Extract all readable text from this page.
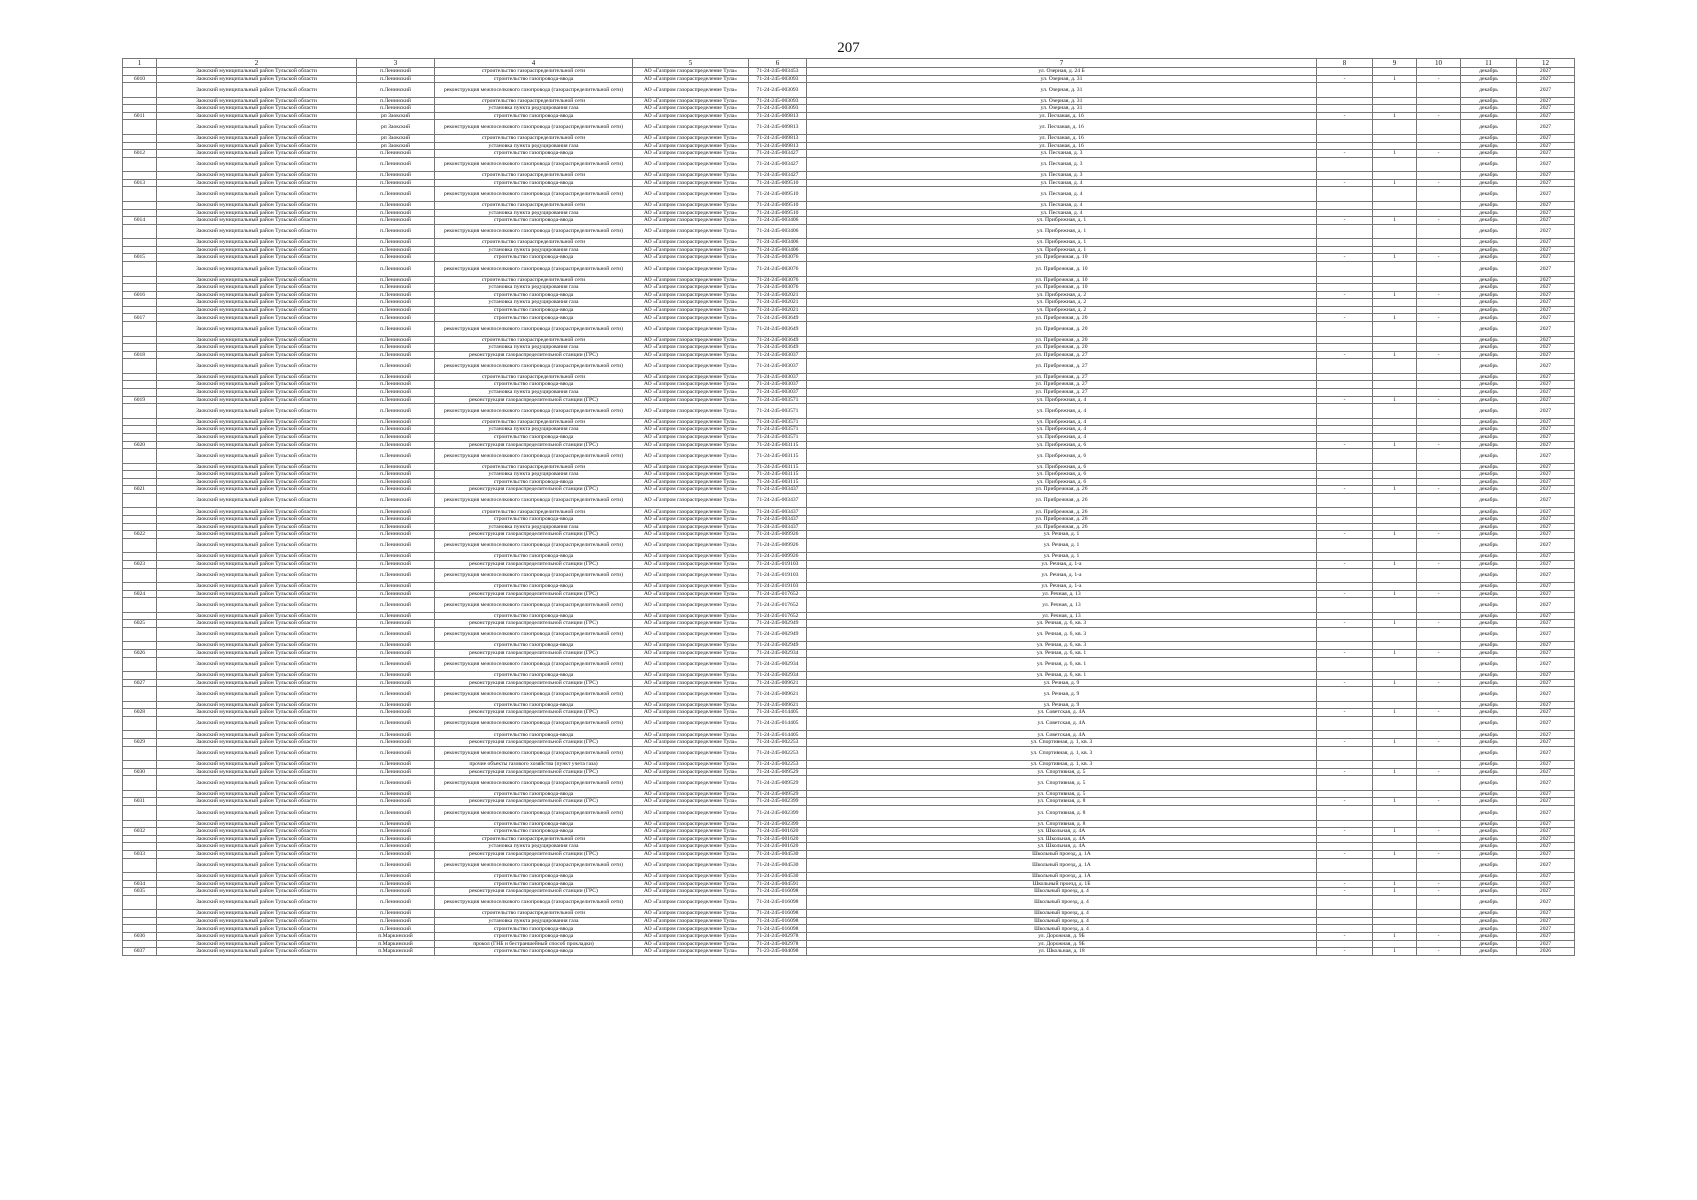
207
1	2	3	4	5	6	7	8	9	10	11	12
	Заокский муниципальный район Тульской области	п.Ленинский	строительство газораспределительной сети	АО «Газпром газораспределение Тула»	71-24-245-003453	ул. Озерная, д. 24 Б				декабрь	2027
6010	Заокский муниципальный район Тульской области	п.Ленинский	строительство газопровода-ввода	АО «Газпром газораспределение Тула»	71-24-245-003093	ул. Озерная, д. 31	-	1	-	декабрь	2027
	Заокский муниципальный район Тульской области	п.Ленинский	реконструкция межпоселкового газопровода (газораспределительной сети)	АО «Газпром газораспределение Тула»	71-24-245-003093	ул. Озерная, д. 31				декабрь	2027
	Заокский муниципальный район Тульской области	п.Ленинский	строительство газораспределительной сети	АО «Газпром газораспределение Тула»	71-24-245-003093	ул. Озерная, д. 31				декабрь	2027
	Заокский муниципальный район Тульской области	п.Ленинский	установка пункта редуцирования газа	АО «Газпром газораспределение Тула»	71-24-245-003093	ул. Озерная, д. 31				декабрь	2027
6011	Заокский муниципальный район Тульской области	рп Заокский	строительство газопровода-ввода	АО «Газпром газораспределение Тула»	71-24-245-009813	ул. Песчаная, д. 16	-	1	-	декабрь	2027
	Заокский муниципальный район Тульской области	рп Заокский	реконструкция межпоселкового газопровода (газораспределительной сети)	АО «Газпром газораспределение Тула»	71-24-245-009813	ул. Песчаная, д. 16				декабрь	2027
	Заокский муниципальный район Тульской области	рп Заокский	строительство газораспределительной сети	АО «Газпром газораспределение Тула»	71-24-245-009813	ул. Песчаная, д. 16				декабрь	2027
	Заокский муниципальный район Тульской области	рп Заокский	установка пункта редуцирования газа	АО «Газпром газораспределение Тула»	71-24-245-009813	ул. Песчаная, д. 16				декабрь	2027
6012	Заокский муниципальный район Тульской области	п.Ленинский	строительство газопровода-ввода	АО «Газпром газораспределение Тула»	71-24-245-003427	ул. Песчаная, д. 3	-	1	-	декабрь	2027
	Заокский муниципальный район Тульской области	п.Ленинский	реконструкция межпоселкового газопровода (газораспределительной сети)	АО «Газпром газораспределение Тула»	71-24-245-003427	ул. Песчаная, д. 3				декабрь	2027
	Заокский муниципальный район Тульской области	п.Ленинский	строительство газораспределительной сети	АО «Газпром газораспределение Тула»	71-24-245-003427	ул. Песчаная, д. 3				декабрь	2027
6013	Заокский муниципальный район Тульской области	п.Ленинский	строительство газопровода-ввода	АО «Газпром газораспределение Тула»	71-24-245-009510	ул. Песчаная, д. 4	-	1	-	декабрь	2027
	Заокский муниципальный район Тульской области	п.Ленинский	реконструкция межпоселкового газопровода (газораспределительной сети)	АО «Газпром газораспределение Тула»	71-24-245-009510	ул. Песчаная, д. 4				декабрь	2027
	Заокский муниципальный район Тульской области	п.Ленинский	строительство газораспределительной сети	АО «Газпром газораспределение Тула»	71-24-245-009510	ул. Песчаная, д. 4				декабрь	2027
	Заокский муниципальный район Тульской области	п.Ленинский	установка пункта редуцирования газа	АО «Газпром газораспределение Тула»	71-24-245-009510	ул. Песчаная, д. 4				декабрь	2027
6014	Заокский муниципальный район Тульской области	п.Ленинский	строительство газопровода-ввода	АО «Газпром газораспределение Тула»	71-24-245-003406	ул. Прибрежная, д. 1	-	1	-	декабрь	2027
	Заокский муниципальный район Тульской области	п.Ленинский	реконструкция межпоселкового газопровода (газораспределительной сети)	АО «Газпром газораспределение Тула»	71-24-245-003406	ул. Прибрежная, д. 1				декабрь	2027
	Заокский муниципальный район Тульской области	п.Ленинский	строительство газораспределительной сети	АО «Газпром газораспределение Тула»	71-24-245-003406	ул. Прибрежная, д. 1				декабрь	2027
	Заокский муниципальный район Тульской области	п.Ленинский	установка пункта редуцирования газа	АО «Газпром газораспределение Тула»	71-24-245-003406	ул. Прибрежная, д. 1				декабрь	2027
6015	Заокский муниципальный район Тульской области	п.Ленинский	строительство газопровода-ввода	АО «Газпром газораспределение Тула»	71-24-245-003076	ул. Прибрежная, д. 10	-	1	-	декабрь	2027
	Заокский муниципальный район Тульской области	п.Ленинский	реконструкция межпоселкового газопровода (газораспределительной сети)	АО «Газпром газораспределение Тула»	71-24-245-003076	ул. Прибрежная, д. 10				декабрь	2027
	Заокский муниципальный район Тульской области	п.Ленинский	строительство газораспределительной сети	АО «Газпром газораспределение Тула»	71-24-245-003076	ул. Прибрежная, д. 10				декабрь	2027
	Заокский муниципальный район Тульской области	п.Ленинский	установка пункта редуцирования газа	АО «Газпром газораспределение Тула»	71-24-245-003076	ул. Прибрежная, д. 10				декабрь	2027
6016	Заокский муниципальный район Тульской области	п.Ленинский	строительство газопровода-ввода	АО «Газпром газораспределение Тула»	71-24-245-002021	ул. Прибрежная, д. 2	-	1	-	декабрь	2027
	Заокский муниципальный район Тульской области	п.Ленинский	установка пункта редуцирования газа	АО «Газпром газораспределение Тула»	71-24-245-002021	ул. Прибрежная, д. 2				декабрь	2027
	Заокский муниципальный район Тульской области	п.Ленинский	строительство газопровода-ввода	АО «Газпром газораспределение Тула»	71-24-245-002021	ул. Прибрежная, д. 2				декабрь	2027
6017	Заокский муниципальный район Тульской области	п.Ленинский	строительство газопровода-ввода	АО «Газпром газораспределение Тула»	71-24-245-003649	ул. Прибрежная, д. 20	-	1	-	декабрь	2027
	Заокский муниципальный район Тульской области	п.Ленинский	реконструкция межпоселкового газопровода (газораспределительной сети)	АО «Газпром газораспределение Тула»	71-24-245-003649	ул. Прибрежная, д. 20				декабрь	2027
	Заокский муниципальный район Тульской области	п.Ленинский	строительство газораспределительной сети	АО «Газпром газораспределение Тула»	71-24-245-003649	ул. Прибрежная, д. 20				декабрь	2027
	Заокский муниципальный район Тульской области	п.Ленинский	установка пункта редуцирования газа	АО «Газпром газораспределение Тула»	71-24-245-003649	ул. Прибрежная, д. 20				декабрь	2027
6018	Заокский муниципальный район Тульской области	п.Ленинский	реконструкция газораспределительной станции (ГРС)	АО «Газпром газораспределение Тула»	71-24-245-003037	ул. Прибрежная, д. 27	-	1	-	декабрь	2027
	Заокский муниципальный район Тульской области	п.Ленинский	реконструкция межпоселкового газопровода (газораспределительной сети)	АО «Газпром газораспределение Тула»	71-24-245-003037	ул. Прибрежная, д. 27				декабрь	2027
	Заокский муниципальный район Тульской области	п.Ленинский	строительство газораспределительной сети	АО «Газпром газораспределение Тула»	71-24-245-003037	ул. Прибрежная, д. 27				декабрь	2027
	Заокский муниципальный район Тульской области	п.Ленинский	строительство газопровода-ввода	АО «Газпром газораспределение Тула»	71-24-245-003037	ул. Прибрежная, д. 27				декабрь	2027
	Заокский муниципальный район Тульской области	п.Ленинский	установка пункта редуцирования газа	АО «Газпром газораспределение Тула»	71-24-245-003037	ул. Прибрежная, д. 27				декабрь	2027
6019	Заокский муниципальный район Тульской области	п.Ленинский	реконструкция газораспределительной станции (ГРС)	АО «Газпром газораспределение Тула»	71-24-245-003571	ул. Прибрежная, д. 4	-	1	-	декабрь	2027
	Заокский муниципальный район Тульской области	п.Ленинский	реконструкция межпоселкового газопровода (газораспределительной сети)	АО «Газпром газораспределение Тула»	71-24-245-003571	ул. Прибрежная, д. 4				декабрь	2027
	Заокский муниципальный район Тульской области	п.Ленинский	строительство газораспределительной сети	АО «Газпром газораспределение Тула»	71-24-245-003571	ул. Прибрежная, д. 4				декабрь	2027
	Заокский муниципальный район Тульской области	п.Ленинский	установка пункта редуцирования газа	АО «Газпром газораспределение Тула»	71-24-245-003571	ул. Прибрежная, д. 4				декабрь	2027
	Заокский муниципальный район Тульской области	п.Ленинский	строительство газопровода-ввода	АО «Газпром газораспределение Тула»	71-24-245-003571	ул. Прибрежная, д. 4				декабрь	2027
6020	Заокский муниципальный район Тульской области	п.Ленинский	реконструкция газораспределительной станции (ГРС)	АО «Газпром газораспределение Тула»	71-24-245-003115	ул. Прибрежная, д. 6	-	1	-	декабрь	2027
	Заокский муниципальный район Тульской области	п.Ленинский	реконструкция межпоселкового газопровода (газораспределительной сети)	АО «Газпром газораспределение Тула»	71-24-245-003115	ул. Прибрежная, д. 6				декабрь	2027
	Заокский муниципальный район Тульской области	п.Ленинский	строительство газораспределительной сети	АО «Газпром газораспределение Тула»	71-24-245-003115	ул. Прибрежная, д. 6				декабрь	2027
	Заокский муниципальный район Тульской области	п.Ленинский	установка пункта редуцирования газа	АО «Газпром газораспределение Тула»	71-24-245-003115	ул. Прибрежная, д. 6				декабрь	2027
	Заокский муниципальный район Тульской области	п.Ленинский	строительство газопровода-ввода	АО «Газпром газораспределение Тула»	71-24-245-003115	ул. Прибрежная, д. 6				декабрь	2027
6021	Заокский муниципальный район Тульской области	п.Ленинский	реконструкция газораспределительной станции (ГРС)	АО «Газпром газораспределение Тула»	71-24-245-003437	ул. Прибрежная, д. 26	-	1	-	декабрь	2027
	Заокский муниципальный район Тульской области	п.Ленинский	реконструкция межпоселкового газопровода (газораспределительной сети)	АО «Газпром газораспределение Тула»	71-24-245-003437	ул. Прибрежная, д. 26				декабрь	2027
	Заокский муниципальный район Тульской области	п.Ленинский	строительство газораспределительной сети	АО «Газпром газораспределение Тула»	71-24-245-003437	ул. Прибрежная, д. 26				декабрь	2027
	Заокский муниципальный район Тульской области	п.Ленинский	строительство газопровода-ввода	АО «Газпром газораспределение Тула»	71-24-245-003437	ул. Прибрежная, д. 26				декабрь	2027
	Заокский муниципальный район Тульской области	п.Ленинский	установка пункта редуцирования газа	АО «Газпром газораспределение Тула»	71-24-245-003437	ул. Прибрежная, д. 26				декабрь	2027
6022	Заокский муниципальный район Тульской области	п.Ленинский	реконструкция газораспределительной станции (ГРС)	АО «Газпром газораспределение Тула»	71-24-245-009926	ул. Речная, д. 1	-	1	-	декабрь	2027
	Заокский муниципальный район Тульской области	п.Ленинский	реконструкция межпоселкового газопровода (газораспределительной сети)	АО «Газпром газораспределение Тула»	71-24-245-009926	ул. Речная, д. 1				декабрь	2027
	Заокский муниципальный район Тульской области	п.Ленинский	строительство газопровода-ввода	АО «Газпром газораспределение Тула»	71-24-245-009926	ул. Речная, д. 1				декабрь	2027
6023	Заокский муниципальный район Тульской области	п.Ленинский	реконструкция газораспределительной станции (ГРС)	АО «Газпром газораспределение Тула»	71-24-245-019103	ул. Речная, д. 1-а	-	1	-	декабрь	2027
	Заокский муниципальный район Тульской области	п.Ленинский	реконструкция межпоселкового газопровода (газораспределительной сети)	АО «Газпром газораспределение Тула»	71-24-245-019103	ул. Речная, д. 1-а				декабрь	2027
	Заокский муниципальный район Тульской области	п.Ленинский	строительство газопровода-ввода	АО «Газпром газораспределение Тула»	71-24-245-019103	ул. Речная, д. 1-а				декабрь	2027
6024	Заокский муниципальный район Тульской области	п.Ленинский	реконструкция газораспределительной станции (ГРС)	АО «Газпром газораспределение Тула»	71-24-245-017652	ул. Речная, д. 13	-	1	-	декабрь	2027
	Заокский муниципальный район Тульской области	п.Ленинский	реконструкция межпоселкового газопровода (газораспределительной сети)	АО «Газпром газораспределение Тула»	71-24-245-017652	ул. Речная, д. 13				декабрь	2027
	Заокский муниципальный район Тульской области	п.Ленинский	строительство газопровода-ввода	АО «Газпром газораспределение Тула»	71-24-245-017652	ул. Речная, д. 13				декабрь	2027
6025	Заокский муниципальный район Тульской области	п.Ленинский	реконструкция газораспределительной станции (ГРС)	АО «Газпром газораспределение Тула»	71-24-245-002949	ул. Речная, д. 6, кв. 3	-	1	-	декабрь	2027
	Заокский муниципальный район Тульской области	п.Ленинский	реконструкция межпоселкового газопровода (газораспределительной сети)	АО «Газпром газораспределение Тула»	71-24-245-002949	ул. Речная, д. 6, кв. 3				декабрь	2027
	Заокский муниципальный район Тульской области	п.Ленинский	строительство газопровода-ввода	АО «Газпром газораспределение Тула»	71-24-245-002949	ул. Речная, д. 6, кв. 3				декабрь	2027
6026	Заокский муниципальный район Тульской области	п.Ленинский	реконструкция газораспределительной станции (ГРС)	АО «Газпром газораспределение Тула»	71-24-245-002934	ул. Речная, д. 6, кв. 1	-	1	-	декабрь	2027
	Заокский муниципальный район Тульской области	п.Ленинский	реконструкция межпоселкового газопровода (газораспределительной сети)	АО «Газпром газораспределение Тула»	71-24-245-002934	ул. Речная, д. 6, кв. 1				декабрь	2027
	Заокский муниципальный район Тульской области	п.Ленинский	строительство газопровода-ввода	АО «Газпром газораспределение Тула»	71-24-245-002934	ул. Речная, д. 6, кв. 1				декабрь	2027
6027	Заокский муниципальный район Тульской области	п.Ленинский	реконструкция газораспределительной станции (ГРС)	АО «Газпром газораспределение Тула»	71-24-245-009621	ул. Речная, д. 9	-	1	-	декабрь	2027
	Заокский муниципальный район Тульской области	п.Ленинский	реконструкция межпоселкового газопровода (газораспределительной сети)	АО «Газпром газораспределение Тула»	71-24-245-009621	ул. Речная, д. 9				декабрь	2027
	Заокский муниципальный район Тульской области	п.Ленинский	строительство газопровода-ввода	АО «Газпром газораспределение Тула»	71-24-245-009621	ул. Речная, д. 9				декабрь	2027
6028	Заокский муниципальный район Тульской области	п.Ленинский	реконструкция газораспределительной станции (ГРС)	АО «Газпром газораспределение Тула»	71-24-245-014405	ул. Советская, д. 4А	-	1	-	декабрь	2027
	Заокский муниципальный район Тульской области	п.Ленинский	реконструкция межпоселкового газопровода (газораспределительной сети)	АО «Газпром газораспределение Тула»	71-24-245-014405	ул. Советская, д. 4А				декабрь	2027
	Заокский муниципальный район Тульской области	п.Ленинский	строительство газопровода-ввода	АО «Газпром газораспределение Тула»	71-24-245-014405	ул. Советская, д. 4А				декабрь	2027
6029	Заокский муниципальный район Тульской области	п.Ленинский	реконструкция газораспределительной станции (ГРС)	АО «Газпром газораспределение Тула»	71-24-245-002253	ул. Спортивная, д. 1, кв. 3	-	1	-	декабрь	2027
	Заокский муниципальный район Тульской области	п.Ленинский	реконструкция межпоселкового газопровода (газораспределительной сети)	АО «Газпром газораспределение Тула»	71-24-245-002253	ул. Спортивная, д. 1, кв. 3				декабрь	2027
	Заокский муниципальный район Тульской области	п.Ленинский	прочие объекты газового хозяйства (пункт учета газа)	АО «Газпром газораспределение Тула»	71-24-245-002253	ул. Спортивная, д. 1, кв. 3				декабрь	2027
6030	Заокский муниципальный район Тульской области	п.Ленинский	реконструкция газораспределительной станции (ГРС)	АО «Газпром газораспределение Тула»	71-24-245-009529	ул. Спортивная, д. 5	-	1	-	декабрь	2027
	Заокский муниципальный район Тульской области	п.Ленинский	реконструкция межпоселкового газопровода (газораспределительной сети)	АО «Газпром газораспределение Тула»	71-24-245-009529	ул. Спортивная, д. 5				декабрь	2027
	Заокский муниципальный район Тульской области	п.Ленинский	строительство газопровода-ввода	АО «Газпром газораспределение Тула»	71-24-245-009529	ул. Спортивная, д. 5				декабрь	2027
6031	Заокский муниципальный район Тульской области	п.Ленинский	реконструкция газораспределительной станции (ГРС)	АО «Газпром газораспределение Тула»	71-24-245-002399	ул. Спортивная, д. 8	-	1	-	декабрь	2027
	Заокский муниципальный район Тульской области	п.Ленинский	реконструкция межпоселкового газопровода (газораспределительной сети)	АО «Газпром газораспределение Тула»	71-24-245-002399	ул. Спортивная, д. 8				декабрь	2027
	Заокский муниципальный район Тульской области	п.Ленинский	строительство газопровода-ввода	АО «Газпром газораспределение Тула»	71-24-245-002399	ул. Спортивная, д. 8				декабрь	2027
6032	Заокский муниципальный район Тульской области	п.Ленинский	строительство газопровода-ввода	АО «Газпром газораспределение Тула»	71-24-245-001620	ул. Школьная, д. 4А	-	1	-	декабрь	2027
	Заокский муниципальный район Тульской области	п.Ленинский	строительство газораспределительной сети	АО «Газпром газораспределение Тула»	71-24-245-001620	ул. Школьная, д. 4А				декабрь	2027
	Заокский муниципальный район Тульской области	п.Ленинский	установка пункта редуцирования газа	АО «Газпром газораспределение Тула»	71-24-245-001620	ул. Школьная, д. 4А				декабрь	2027
6033	Заокский муниципальный район Тульской области	п.Ленинский	реконструкция газораспределительной станции (ГРС)	АО «Газпром газораспределение Тула»	71-24-245-004530	Школьный проезд, д. 1А	-	1	-	декабрь	2027
	Заокский муниципальный район Тульской области	п.Ленинский	реконструкция межпоселкового газопровода (газораспределительной сети)	АО «Газпром газораспределение Тула»	71-24-245-004530	Школьный проезд, д. 1А				декабрь	2027
	Заокский муниципальный район Тульской области	п.Ленинский	строительство газопровода-ввода	АО «Газпром газораспределение Тула»	71-24-245-004530	Школьный проезд, д. 1А				декабрь	2027
6034	Заокский муниципальный район Тульской области	п.Ленинский	строительство газопровода-ввода	АО «Газпром газораспределение Тула»	71-24-245-004591	Школьный проезд, д. 1Б	-	1	-	декабрь	2027
6035	Заокский муниципальный район Тульской области	п.Ленинский	реконструкция газораспределительной станции (ГРС)	АО «Газпром газораспределение Тула»	71-24-245-016098	Школьный проезд, д. 4	-	1	-	декабрь	2027
	Заокский муниципальный район Тульской области	п.Ленинский	реконструкция межпоселкового газопровода (газораспределительной сети)	АО «Газпром газораспределение Тула»	71-24-245-016098	Школьный проезд, д. 4				декабрь	2027
	Заокский муниципальный район Тульской области	п.Ленинский	строительство газораспределительной сети	АО «Газпром газораспределение Тула»	71-24-245-016098	Школьный проезд, д. 4				декабрь	2027
	Заокский муниципальный район Тульской области	п.Ленинский	установка пункта редуцирования газа	АО «Газпром газораспределение Тула»	71-24-245-016098	Школьный проезд, д. 4				декабрь	2027
	Заокский муниципальный район Тульской области	п.Ленинский	строительство газопровода-ввода	АО «Газпром газораспределение Тула»	71-24-245-016098	Школьный проезд, д. 4				декабрь	2027
6036	Заокский муниципальный район Тульской области	п.Маркинский	строительство газопровода-ввода	АО «Газпром газораспределение Тула»	71-24-245-002978	ул. Дорожная, д. 9Б	-	1	-	декабрь	2027
	Заокский муниципальный район Тульской области	п.Маркинский	прокол (ГНБ и бестраншейный способ прокладки)	АО «Газпром газораспределение Тула»	71-24-245-002978	ул. Дорожная, д. 9Б				декабрь	2027
6037	Заокский муниципальный район Тульской области	п.Маркинский	строительство газопровода-ввода	АО «Газпром газораспределение Тула»	71-23-245-004098	ул. Школьная, д. 18	-	1	-	декабрь	2026
